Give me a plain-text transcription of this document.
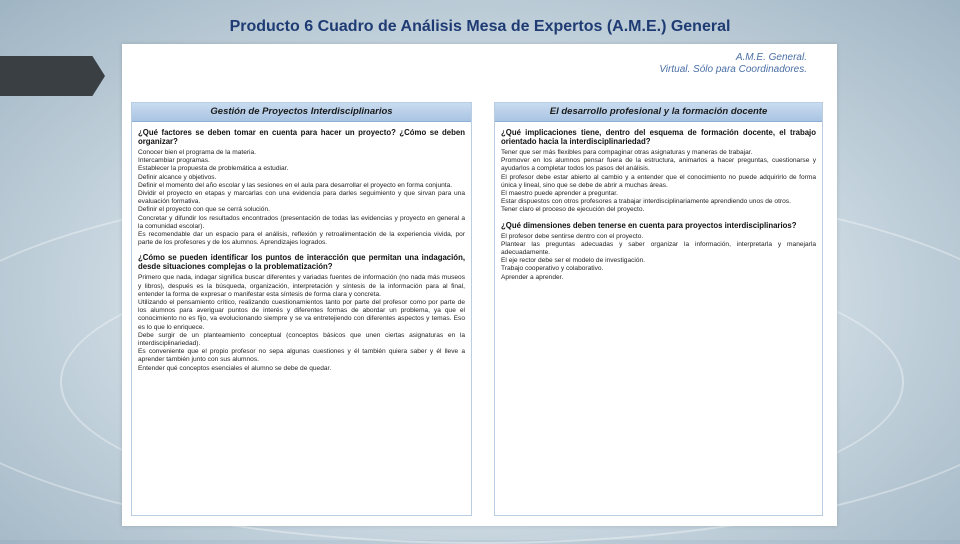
Producto 6 Cuadro de Análisis Mesa de Expertos (A.M.E.) General
A.M.E. General.
Virtual. Sólo para Coordinadores.
Gestión de Proyectos Interdisciplinarios
¿Qué factores se deben tomar en cuenta para hacer un proyecto? ¿Cómo se deben organizar?

Conocer bien el programa de la materia.

Intercambiar programas.

Establecer la propuesta de problemática a estudiar.

Definir alcance y objetivos.

Definir el momento del año escolar y las sesiones en el aula para desarrollar el proyecto en forma conjunta.

Dividir el proyecto en etapas y marcarlas con una evidencia para darles seguimiento y que sirvan para una evaluación formativa.

Definir el proyecto con que se cerrá solución.

Concretar y difundir los resultados encontrados (presentación de todas las evidencias y proyecto en general a la comunidad escolar).

Es recomendable dar un espacio para el análisis, reflexión y retroalimentación de la experiencia vivida, por parte de los profesores y de los alumnos. Aprendizajes logrados.

¿Cómo se pueden identificar los puntos de interacción que permitan una indagación, desde situaciones complejas o la problematización?

Primero que nada, indagar significa buscar diferentes y variadas fuentes de información (no nada más museos y libros), después es la búsqueda, organización, interpretación y síntesis de la información para al final, entender la forma de expresar o manifestar esta síntesis de forma clara y concreta.

Utilizando el pensamiento crítico, realizando cuestionamientos tanto por parte del profesor como por parte de los alumnos para averiguar puntos de interés y diferentes formas de abordar un problema, ya que el conocimiento no es fijo, va evolucionando siempre y se va entretejiendo con diferentes aspectos y temas. Eso es lo que lo enriquece.

Debe surgir de un planteamiento conceptual (conceptos básicos que unen ciertas asignaturas en la interdisciplinariedad).

Es conveniente que el propio profesor no sepa algunas cuestiones y él también quiera saber y él lleve a aprender también junto con sus alumnos.

Entender qué conceptos esenciales el alumno se debe de quedar.

El desarrollo profesional y la formación docente
¿Qué implicaciones tiene, dentro del esquema de formación docente, el trabajo orientado hacia la interdisciplinariedad?

Tener que ser más flexibles para compaginar otras asignaturas y maneras de trabajar.

Promover en los alumnos pensar fuera de la estructura, animarlos a hacer preguntas, cuestionarse y ayudarlos a completar todos los pasos del análisis.

El profesor debe estar abierto al cambio y a entender que el conocimiento no puede adquirirlo de forma única y lineal, sino que se debe de abrir a muchas áreas.

El maestro puede aprender a preguntar.

Estar dispuestos con otros profesores a trabajar interdisciplinariamente aprendiendo unos de otros.

Tener claro el proceso de ejecución del proyecto.

¿Qué dimensiones deben tenerse en cuenta para proyectos interdisciplinarios?

El profesor debe sentirse dentro con el proyecto.

Plantear las preguntas adecuadas y saber organizar la información, interpretarla y manejarla adecuadamente.

El eje rector debe ser el modelo de investigación.

Trabajo cooperativo y colaborativo.

Aprender a aprender.
